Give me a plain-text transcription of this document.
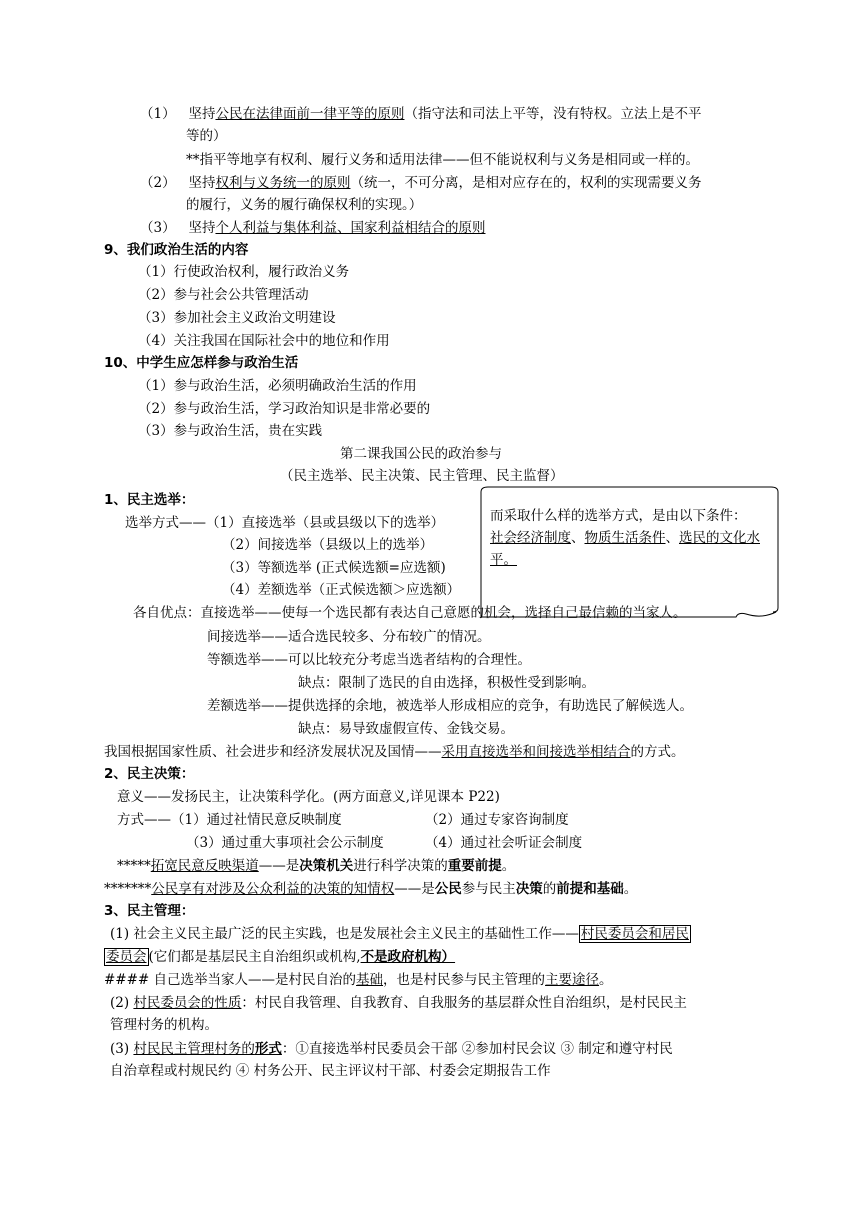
（1） 坚持公民在法律面前一律平等的原则（指守法和司法上平等，没有特权。立法上是不平
等的）
**指平等地享有权利、履行义务和适用法律——但不能说权利与义务是相同或一样的。
（2） 坚持权利与义务统一的原则（统一，不可分离，是相对应存在的，权利的实现需要义务
的履行，义务的履行确保权利的实现。）
（3） 坚持个人利益与集体利益、国家利益相结合的原则
9、我们政治生活的内容
（1）行使政治权利，履行政治义务
（2）参与社会公共管理活动
（3）参加社会主义政治文明建设
（4）关注我国在国际社会中的地位和作用
10、中学生应怎样参与政治生活
（1）参与政治生活，必须明确政治生活的作用
（2）参与政治生活，学习政治知识是非常必要的
（3）参与政治生活，贵在实践
第二课我国公民的政治参与
（民主选举、民主决策、民主管理、民主监督）
1、民主选举：
选举方式——（1）直接选举（县或县级以下的选举）
（2）间接选举（县级以上的选举）
（3）等额选举 (正式候选额=应选额)
（4）差额选举（正式候选额＞应选额）
而采取什么样的选举方式，是由以下条件：
社会经济制度、物质生活条件、选民的文化水平。
各自优点：直接选举——使每一个选民都有表达自己意愿的机会，选择自己最信赖的当家人。
间接选举——适合选民较多、分布较广的情况。
等额选举——可以比较充分考虑当选者结构的合理性。
缺点：限制了选民的自由选择，积极性受到影响。
差额选举——提供选择的余地，被选举人形成相应的竞争，有助选民了解候选人。
缺点：易导致虚假宣传、金钱交易。
我国根据国家性质、社会进步和经济发展状况及国情——采用直接选举和间接选举相结合的方式。
2、民主决策：
意义——发扬民主，让决策科学化。(两方面意义,详见课本 P22)
方式——（1）通过社情民意反映制度	（2）通过专家咨询制度
（3）通过重大事项社会公示制度	（4）通过社会听证会制度
*****拓宽民意反映渠道——是决策机关进行科学决策的重要前提。
*******公民享有对涉及公众利益的决策的知情权——是公民参与民主决策的前提和基础。
3、民主管理：
(1) 社会主义民主最广泛的民主实践，也是发展社会主义民主的基础性工作—— 村民委员会和居民
委员会 (它们都是基层民主自治组织或机构,不是政府机构）
#### 自己选举当家人——是村民自治的基础，也是村民参与民主管理的主要途径。
(2) 村民委员会的性质：村民自我管理、自我教育、自我服务的基层群众性自治组织，是村民民主
管理村务的机构。
(3) 村民民主管理村务的形式：①直接选举村民委员会干部 ②参加村民会议 ③ 制定和遵守村民
自治章程或村规民约 ④ 村务公开、民主评议村干部、村委会定期报告工作
